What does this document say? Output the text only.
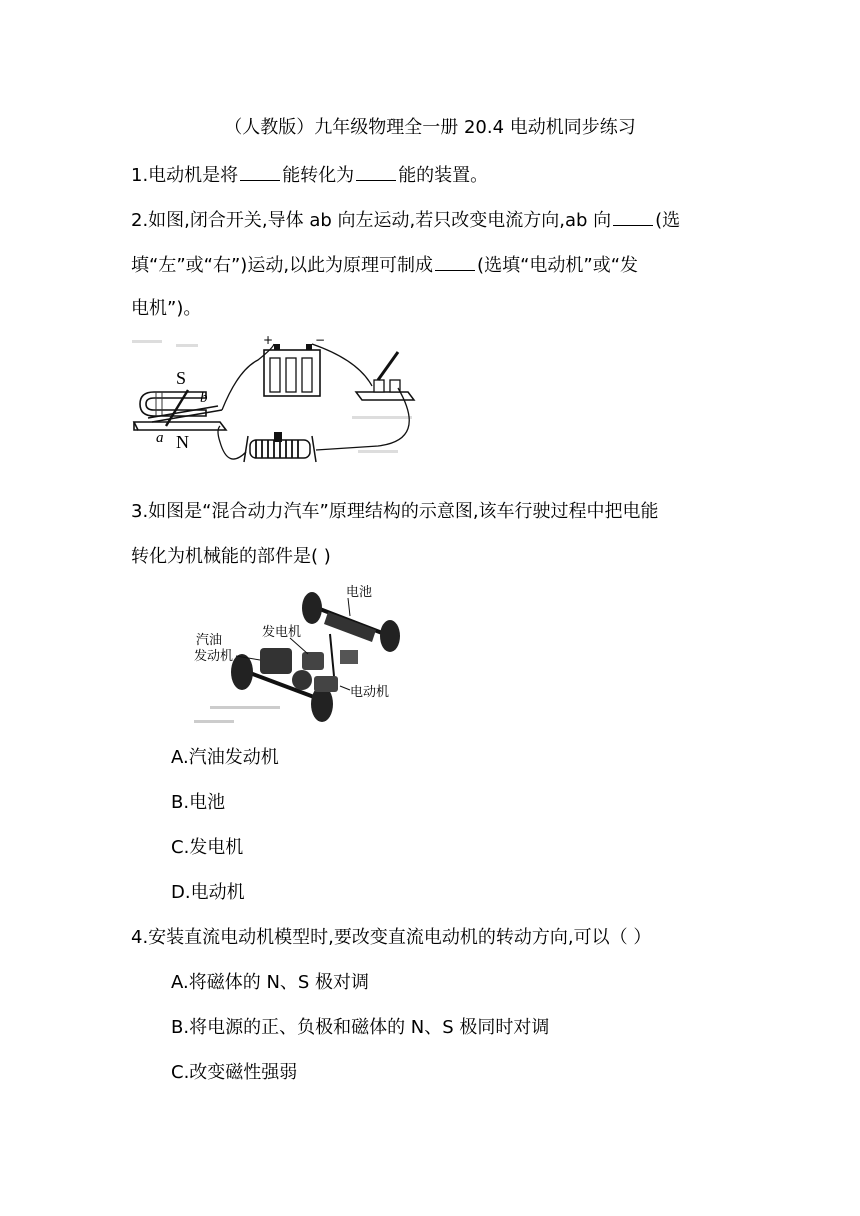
（人教版）九年级物理全一册 20.4 电动机同步练习
1.电动机是将 能转化为 能的装置。
2.如图,闭合开关,导体 ab 向左运动,若只改变电流方向,ab 向 (选
填“左”或“右”)运动,以此为原理可制成 (选填“电动机”或“发
电机”)。
S
N
a
b
+	−
3.如图是“混合动力汽车”原理结构的示意图,该车行驶过程中把电能
转化为机械能的部件是( )
电池
发电机
汽油
发动机
电动机
A.汽油发动机
B.电池
C.发电机
D.电动机
4.安装直流电动机模型时,要改变直流电动机的转动方向,可以（ ）
A.将磁体的 N、S 极对调
B.将电源的正、负极和磁体的 N、S 极同时对调
C.改变磁性强弱
